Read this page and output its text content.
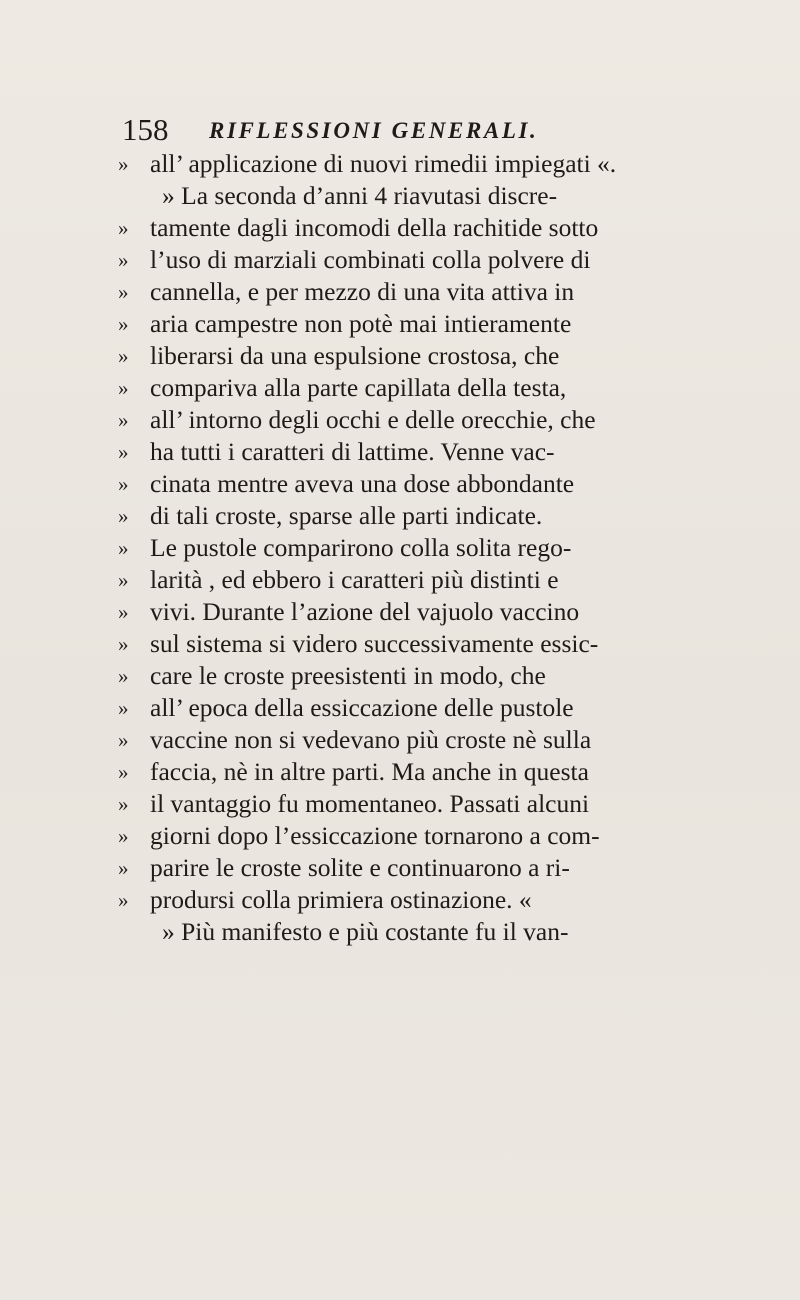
158 RIFLESSIONI GENERALI.
» all’ applicazione di nuovi rimedii impiegati «.
» La seconda d’anni 4 riavutasi discre-
» tamente dagli incomodi della rachitide sotto
» l’uso di marziali combinati colla polvere di
» cannella, e per mezzo di una vita attiva in
» aria campestre non potè mai intieramente
» liberarsi da una espulsione crostosa, che
» compariva alla parte capillata della testa,
» all’ intorno degli occhi e delle orecchie, che
» ha tutti i caratteri di lattime. Venne vac-
» cinata mentre aveva una dose abbondante
» di tali croste, sparse alle parti indicate.
» Le pustole comparirono colla solita rego-
» larità , ed ebbero i caratteri più distinti e
» vivi. Durante l’azione del vajuolo vaccino
» sul sistema si videro successivamente essic-
» care le croste preesistenti in modo, che
» all’ epoca della essiccazione delle pustole
» vaccine non si vedevano più croste nè sulla
» faccia, nè in altre parti. Ma anche in questa
» il vantaggio fu momentaneo. Passati alcuni
» giorni dopo l’essiccazione tornarono a com-
» parire le croste solite e continuarono a ri-
» prodursi colla primiera ostinazione. «
» Più manifesto e più costante fu il van-
